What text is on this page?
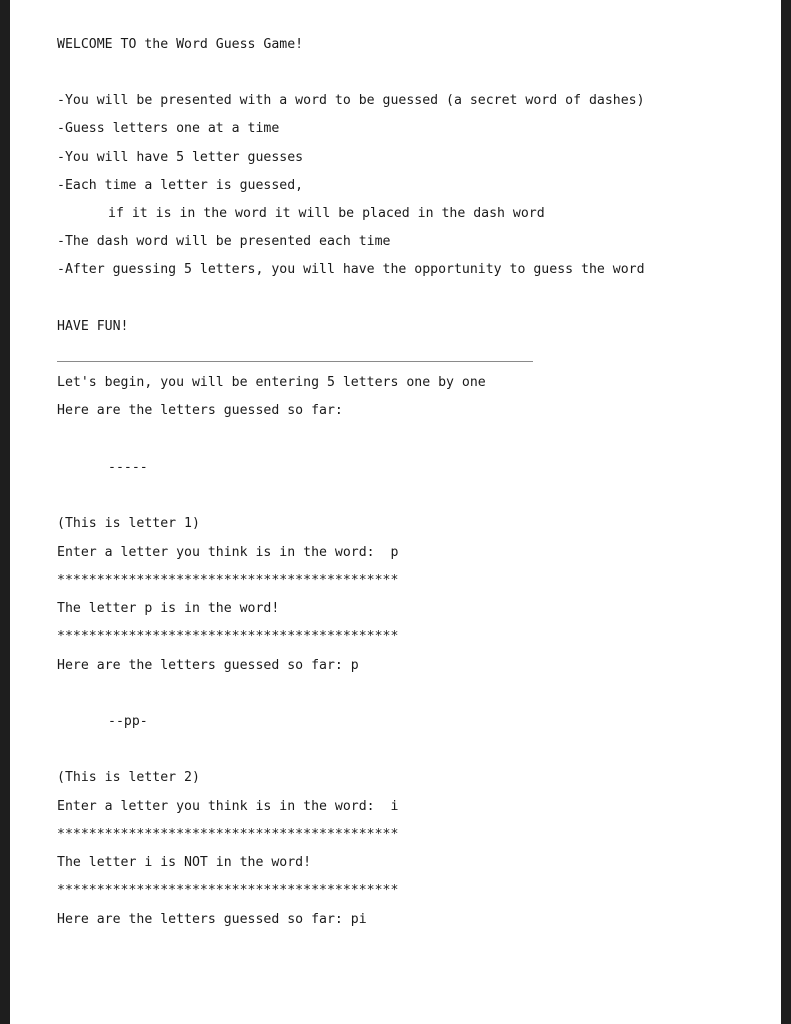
WELCOME TO the Word Guess Game!
-You will be presented with a word to be guessed (a secret word of dashes)
-Guess letters one at a time
-You will have 5 letter guesses
-Each time a letter is guessed,
if it is in the word it will be placed in the dash word
-The dash word will be presented each time
-After guessing 5 letters, you will have the opportunity to guess the word
HAVE FUN!
Let's begin, you will be entering 5 letters one by one
Here are the letters guessed so far:
-----
(This is letter 1)
Enter a letter you think is in the word:  p
*******************************************
The letter p is in the word!
*******************************************
Here are the letters guessed so far: p
--pp-
(This is letter 2)
Enter a letter you think is in the word:  i
*******************************************
The letter i is NOT in the word!
*******************************************
Here are the letters guessed so far: pi
